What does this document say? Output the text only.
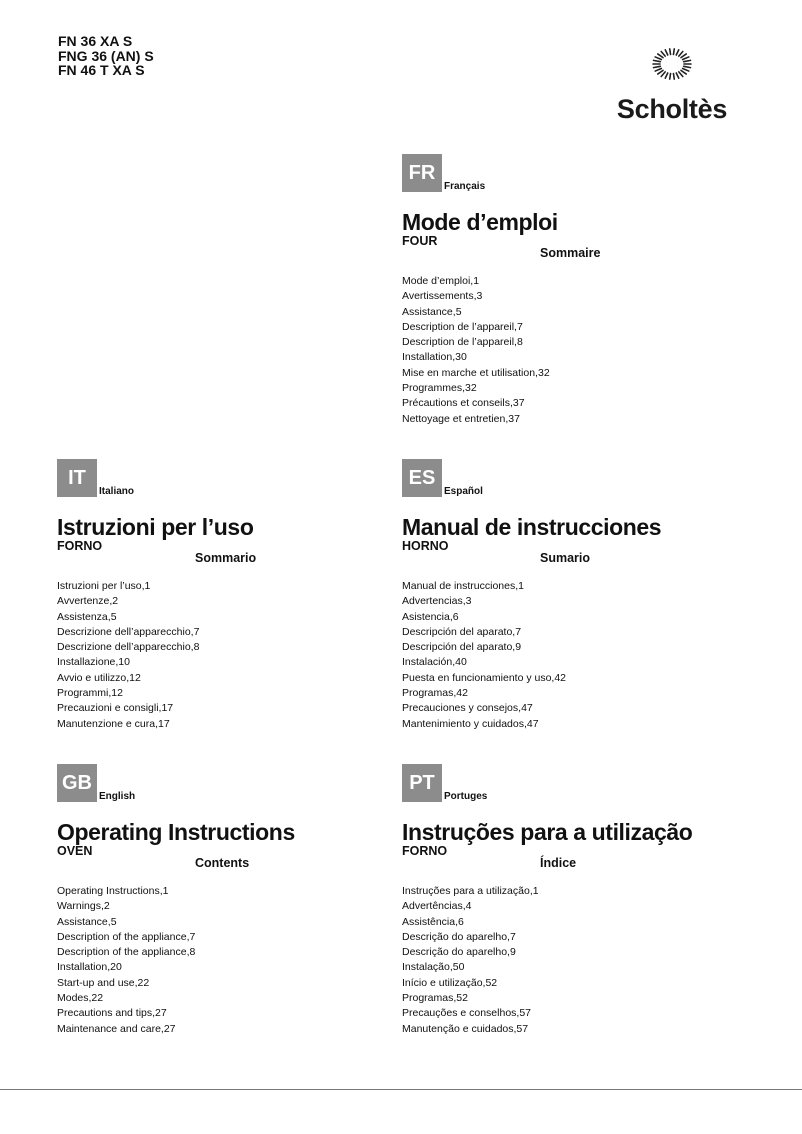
FN 36 XA S
FNG 36 (AN) S
FN 46 T XA S
Scholtès
FR
Français
Mode d’emploi
FOUR
Sommaire
Mode d’emploi,1
Avertissements,3
Assistance,5
Description de l’appareil,7
Description de l’appareil,8
Installation,30
Mise en marche et utilisation,32
Programmes,32
Précautions et conseils,37
Nettoyage et entretien,37
IT
Italiano
Istruzioni per l’uso
FORNO
Sommario
Istruzioni per l’uso,1
Avvertenze,2
Assistenza,5
Descrizione dell’apparecchio,7
Descrizione dell’apparecchio,8
Installazione,10
Avvio e utilizzo,12
Programmi,12
Precauzioni e consigli,17
Manutenzione e cura,17
ES
Español
Manual de instrucciones
HORNO
Sumario
Manual de instrucciones,1
Advertencias,3
Asistencia,6
Descripción del aparato,7
Descripción del aparato,9
Instalación,40
Puesta en funcionamiento y uso,42
Programas,42
Precauciones y consejos,47
Mantenimiento y cuidados,47
GB
English
Operating Instructions
OVEN
Contents
Operating Instructions,1
Warnings,2
Assistance,5
Description of the appliance,7
Description of the appliance,8
Installation,20
Start-up and use,22
Modes,22
Precautions and tips,27
Maintenance and care,27
PT
Portuges
Instruções para a utilização
FORNO
Índice
Instruções para a utilização,1
Advertências,4
Assistência,6
Descrição do aparelho,7
Descrição do aparelho,9
Instalação,50
Início e utilização,52
Programas,52
Precauções e conselhos,57
Manutenção e cuidados,57
